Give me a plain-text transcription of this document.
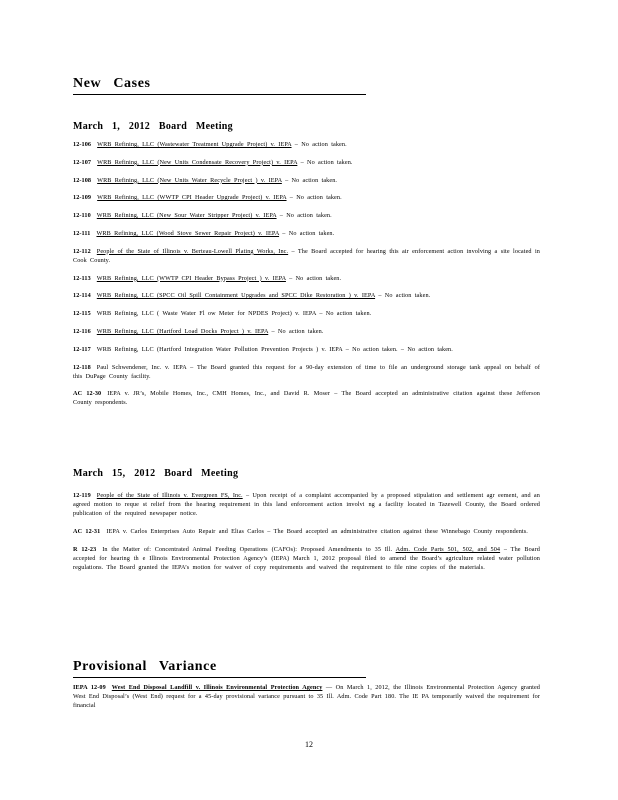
New Cases
March 1, 2012 Board Meeting

12-106 WRB Refining, LLC (Wastewater Treatment Upgrade Project) v. IEPA – No action taken.

12-107 WRB Refining, LLC (New Units Condensate Recovery Project) v. IEPA – No action taken.

12-108 WRB Refining, LLC (New Units Water Recycle Project ) v. IEPA – No action taken.

12-109 WRB Refining, LLC (WWTP CPI Header Upgrade Project) v. IEPA – No action taken.

12-110 WRB Refining, LLC (New Sour Water Stripper Project) v. IEPA – No action taken.

12-111 WRB Refining, LLC (Wood Stove Sewer Repair Project) v. IEPA – No action taken.

12-112 People of the State of Illinois v. Berteau-Lowell Plating Works, Inc. – The Board accepted for hearing this air enforcement action involving a site located in Cook County.

12-113 WRB Refining, LLC (WWTP CPI Header Bypass Project ) v. IEPA – No action taken.

12-114 WRB Refining, LLC (SPCC Oil Spill Containment Upgrades and SPCC Dike Restoration ) v. IEPA – No action taken.

12-115 WRB Refining, LLC ( Waste Water Fl ow Meter for NPDES Project) v. IEPA – No action taken.

12-116 WRB Refining, LLC (Hartford Load Docks Project ) v. IEPA – No action taken.

12-117 WRB Refining, LLC (Hartford Integration Water Pollution Prevention Projects ) v. IEPA – No action taken. – No action taken.

12-118 Paul Schwendener, Inc. v. IEPA – The Board granted this request for a 90-day extension of time to file an underground storage tank appeal on behalf of this DuPage County facility.

AC 12-30 IEPA v. JR’s, Mobile Homes, Inc., CMH Homes, Inc., and David R. Moser – The Board accepted an administrative citation against these Jefferson County respondents.

March 15, 2012 Board Meeting

12-119 People of the State of Illinois v. Evergreen FS, Inc. – Upon receipt of a complaint accompanied by a proposed stipulation and settlement agr eement, and an agreed motion to reque st relief from the hearing requirement in this land enforcement action involvi ng a facility located in Tazewell County, the Board ordered publication of the required newspaper notice.

AC 12-31 IEPA v. Carlos Enterprises Auto Repair and Elias Carlos – The Board accepted an administrative citation against these Winnebago County respondents.

R 12-23 In the Matter of: Concentrated Animal Feeding Operations (CAFOs): Proposed Amendments to 35 Ill. Adm. Code Parts 501, 502, and 504 – The Board accepted for hearing th e Illinois Environmental Protection Agency’s (IEPA) March 1, 2012 proposal filed to amend the Board’s agriculture related water pollution regulations. The Board granted the IEPA’s motion for waiver of copy requirements and waived the requirement to file nine copies of the materials.

Provisional Variance

IEPA 12-09 West End Disposal Landfill v. Illinois Environmental Protection Agency — On March 1, 2012, the Illinois Environmental Protection Agency granted West End Disposal’s (West End) request for a 45-day provisional variance pursuant to 35 Ill. Adm. Code Part 180. The IE PA temporarily waived the requirement for financial

12
